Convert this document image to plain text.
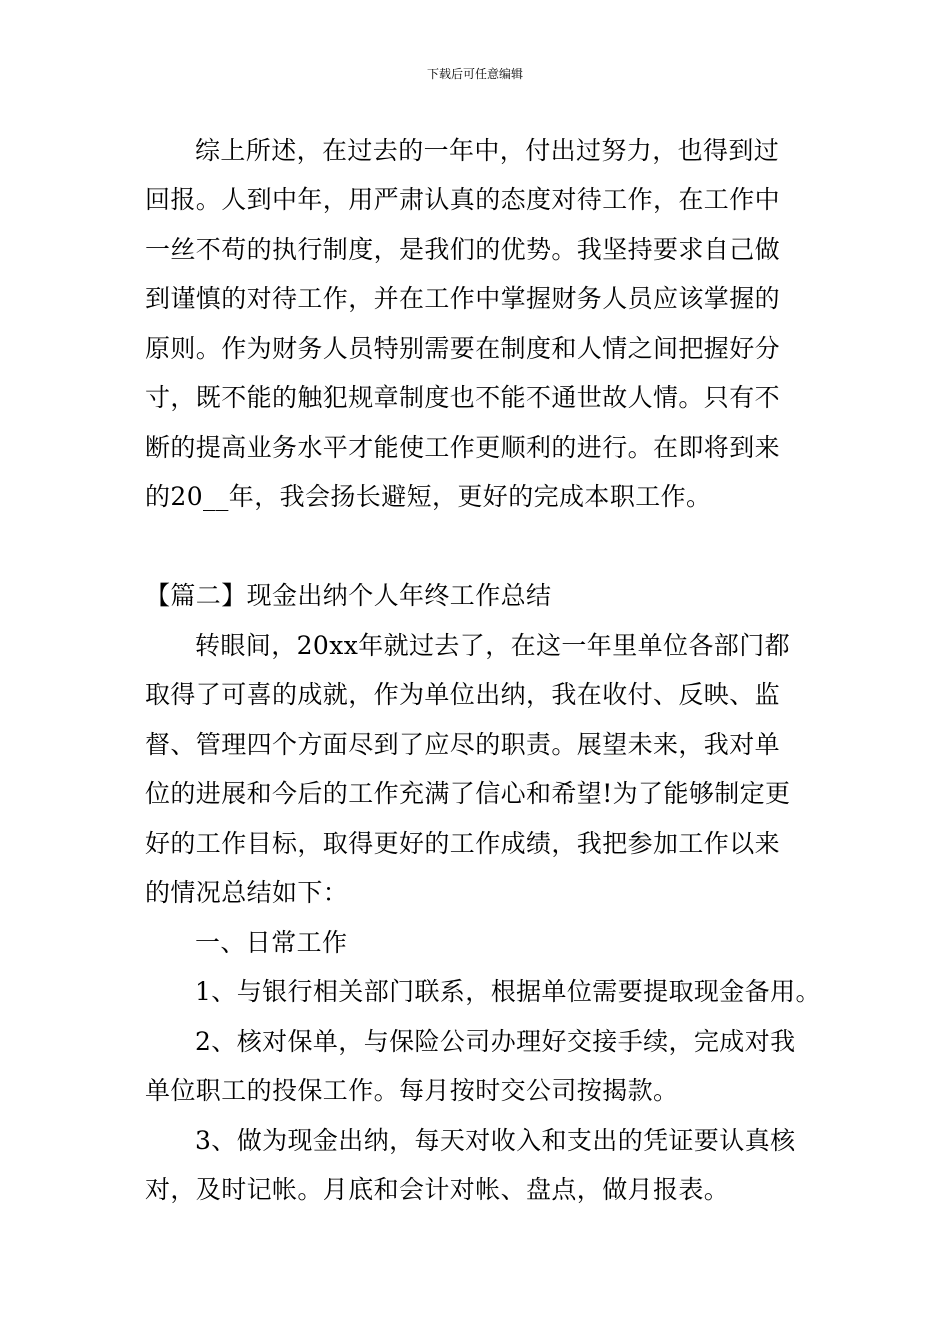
下载后可任意编辑
综上所述，在过去的一年中，付出过努力，也得到过
回报。人到中年，用严肃认真的态度对待工作，在工作中
一丝不苟的执行制度，是我们的优势。我坚持要求自己做
到谨慎的对待工作，并在工作中掌握财务人员应该掌握的
原则。作为财务人员特别需要在制度和人情之间把握好分
寸，既不能的触犯规章制度也不能不通世故人情。只有不
断的提高业务水平才能使工作更顺利的进行。在即将到来
的20__年，我会扬长避短，更好的完成本职工作。
【篇二】现金出纳个人年终工作总结
转眼间，20xx年就过去了，在这一年里单位各部门都
取得了可喜的成就，作为单位出纳，我在收付、反映、监
督、管理四个方面尽到了应尽的职责。展望未来，我对单
位的进展和今后的工作充满了信心和希望!为了能够制定更
好的工作目标，取得更好的工作成绩，我把参加工作以来
的情况总结如下：
一、日常工作
1、与银行相关部门联系，根据单位需要提取现金备用。
2、核对保单，与保险公司办理好交接手续，完成对我
单位职工的投保工作。每月按时交公司按揭款。
3、做为现金出纳，每天对收入和支出的凭证要认真核
对，及时记帐。月底和会计对帐、盘点，做月报表。
